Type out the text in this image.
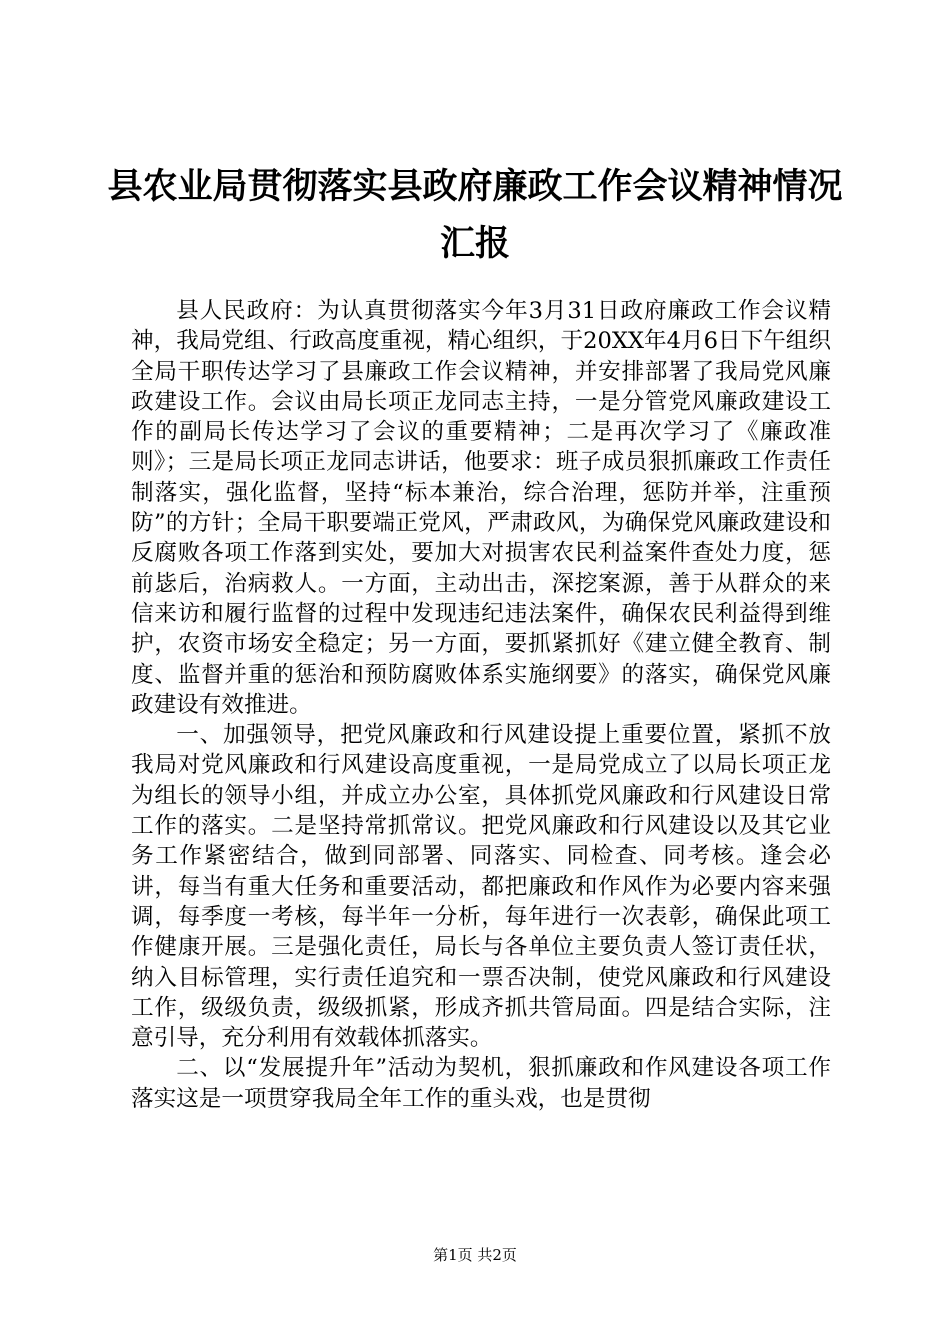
县农业局贯彻落实县政府廉政工作会议精神情况汇报

县人民政府：为认真贯彻落实今年3月31日政府廉政工作会议精神，我局党组、行政高度重视，精心组织，于20XX年4月6日下午组织全局干职传达学习了县廉政工作会议精神，并安排部署了我局党风廉政建设工作。会议由局长项正龙同志主持，一是分管党风廉政建设工作的副局长传达学习了会议的重要精神；二是再次学习了《廉政准则》；三是局长项正龙同志讲话，他要求：班子成员狠抓廉政工作责任制落实，强化监督，坚持“标本兼治，综合治理，惩防并举，注重预防”的方针；全局干职要端正党风，严肃政风，为确保党风廉政建设和反腐败各项工作落到实处，要加大对损害农民利益案件查处力度，惩前毖后，治病救人。一方面，主动出击，深挖案源，善于从群众的来信来访和履行监督的过程中发现违纪违法案件，确保农民利益得到维护，农资市场安全稳定；另一方面，要抓紧抓好《建立健全教育、制度、监督并重的惩治和预防腐败体系实施纲要》的落实，确保党风廉政建设有效推进。

一、加强领导，把党风廉政和行风建设提上重要位置，紧抓不放我局对党风廉政和行风建设高度重视，一是局党成立了以局长项正龙为组长的领导小组，并成立办公室，具体抓党风廉政和行风建设日常工作的落实。二是坚持常抓常议。把党风廉政和行风建设以及其它业务工作紧密结合，做到同部署、同落实、同检查、同考核。逢会必讲，每当有重大任务和重要活动，都把廉政和作风作为必要内容来强调，每季度一考核，每半年一分析，每年进行一次表彰，确保此项工作健康开展。三是强化责任，局长与各单位主要负责人签订责任状，纳入目标管理，实行责任追究和一票否决制，使党风廉政和行风建设工作，级级负责，级级抓紧，形成齐抓共管局面。四是结合实际，注意引导，充分利用有效载体抓落实。

二、以“发展提升年”活动为契机，狠抓廉政和作风建设各项工作落实这是一项贯穿我局全年工作的重头戏，也是贯彻

第1页 共2页
